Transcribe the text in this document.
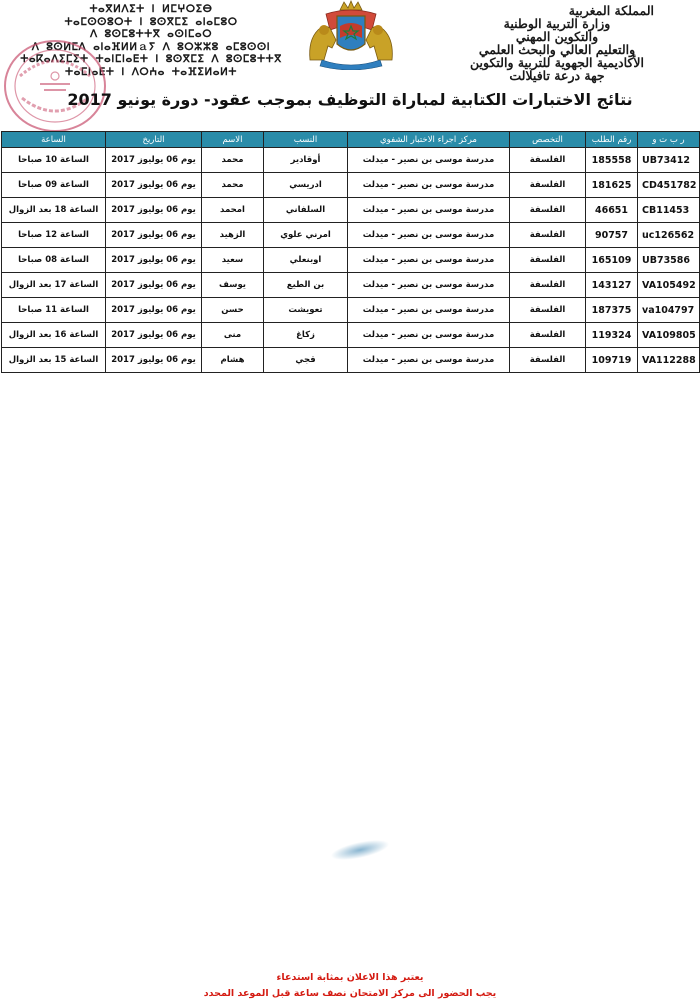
ⵜⴰⴳⵍⴷⵉⵜ ⵏ ⵍⵎⵖⵔⵉⴱ
ⵜⴰⵎⵙⵙⵓⵔⵜ ⵏ ⵓⵙⴳⵎⵉ ⴰⵏⴰⵎⵓⵔ
ⴷ ⵓⵙⵎⵓⵜⵜⴳ ⴰⵙⵏⵎⴰⵔ
ⴷ ⵓⵙⵍⵎⴷ ⴰⵏⴰⴼⵍⵍａⵢ ⴷ ⵓⵔⵣⵣⵓ ⴰⵎⵓⵙⵙⵏ
ⵜⴰⴽⴰⴷⵉⵎⵉⵜ ⵜⴰⵏⵎⵏⴰⴹⵜ ⵏ ⵓⵙⴳⵎⵉ ⴷ ⵓⵙⵎⵓⵜⵜⴳ
ⵜⴰⵎⵏⴰⴹⵜ ⵏ ⴷⵔⵄⴰ ⵜⴰⴼⵉⵍⴰⵍⵜ
المملكة المغربية
وزارة التربية الوطنية
والتكوين المهني
والتعليم العالي والبحث العلمي
الأكاديمية الجهوية للتربية والتكوين
جهة درعة تافيلالت
نتائج الاختبارات الكتابية لمباراة التوظيف بموجب عقود- دورة يونيو 2017
ر ب ت و	رقم الطلب	التخصص	مركز اجراء الاختبار الشفوي	النسب	الاسم	التاريخ	الساعة
UB73412	185558	الفلسفة	مدرسة موسى بن نصير - ميدلت	أوقادير	محمد	يوم 06 يوليوز 2017	الساعة 10 صباحا
CD451782	181625	الفلسفة	مدرسة موسى بن نصير - ميدلت	ادريسي	محمد	يوم 06 يوليوز 2017	الساعة 09 صباحا
CB11453	46651	الفلسفة	مدرسة موسى بن نصير - ميدلت	السلفاني	امحمد	يوم 06 يوليوز 2017	الساعة 18 بعد الزوال
uc126562	90757	الفلسفة	مدرسة موسى بن نصير - ميدلت	امرني علوي	الزهيد	يوم 06 يوليوز 2017	الساعة 12 صباحا
UB73586	165109	الفلسفة	مدرسة موسى بن نصير - ميدلت	اوبنعلي	سعيد	يوم 06 يوليوز 2017	الساعة 08 صباحا
VA105492	143127	الفلسفة	مدرسة موسى بن نصير - ميدلت	بن الطيع	يوسف	يوم 06 يوليوز 2017	الساعة 17 بعد الزوال
va104797	187375	الفلسفة	مدرسة موسى بن نصير - ميدلت	تعويشت	حسن	يوم 06 يوليوز 2017	الساعة 11 صباحا
VA109805	119324	الفلسفة	مدرسة موسى بن نصير - ميدلت	زكاغ	منى	يوم 06 يوليوز 2017	الساعة 16 بعد الزوال
VA112288	109719	الفلسفة	مدرسة موسى بن نصير - ميدلت	قجي	هشام	يوم 06 يوليوز 2017	الساعة 15 بعد الزوال
يعتبر هذا الاعلان بمثابة استدعاء
يجب الحضور الى مركز الامتحان نصف ساعة قبل الموعد المحدد
